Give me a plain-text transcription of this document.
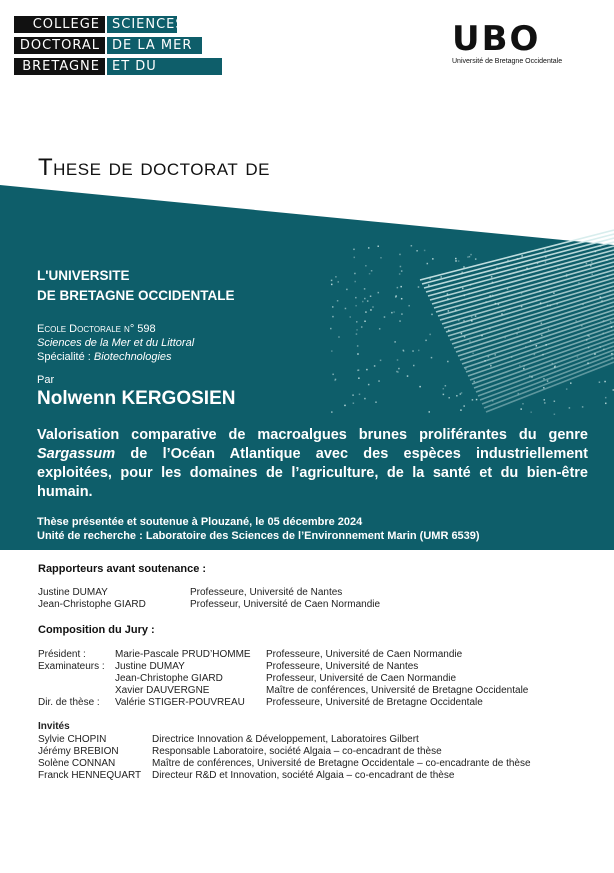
COLLEGE SCIENCES
DOCTORAL DE LA MER
BRETAGNE ET DU LITTORAL
UBO
Université de Bretagne Occidentale
These de doctorat de
L'UNIVERSITE
DE BRETAGNE OCCIDENTALE
Ecole Doctorale n° 598
Sciences de la Mer et du Littoral
Spécialité : Biotechnologies
Par
Nolwenn KERGOSIEN
Valorisation comparative de macroalgues brunes proliférantes du genre Sargassum de l’Océan Atlantique avec des espèces industriellement exploitées, pour les domaines de l’agriculture, de la santé et du bien-être humain.
Thèse présentée et soutenue à Plouzané, le 05 décembre 2024
Unité de recherche : Laboratoire des Sciences de l’Environnement Marin (UMR 6539)
Rapporteurs avant soutenance :
Justine DUMAY	Professeure, Université de Nantes
Jean-Christophe GIARD	Professeur, Université de Caen Normandie
Composition du Jury :
Président :	Marie-Pascale PRUD’HOMME Professeure, Université de Caen Normandie
Examinateurs : Justine DUMAY	Professeure, Université de Nantes
Jean-Christophe GIARD	Professeur, Université de Caen Normandie
Xavier DAUVERGNE	Maître de conférences, Université de Bretagne Occidentale
Dir. de thèse : Valérie STIGER-POUVREAU Professeure, Université de Bretagne Occidentale
Invités
Sylvie CHOPIN	Directrice Innovation & Développement, Laboratoires Gilbert
Jérémy BREBION	Responsable Laboratoire, société Algaia – co-encadrant de thèse
Solène CONNAN	Maître de conférences, Université de Bretagne Occidentale – co-encadrante de thèse
Franck HENNEQUART Directeur R&D et Innovation, société Algaia – co-encadrant de thèse
